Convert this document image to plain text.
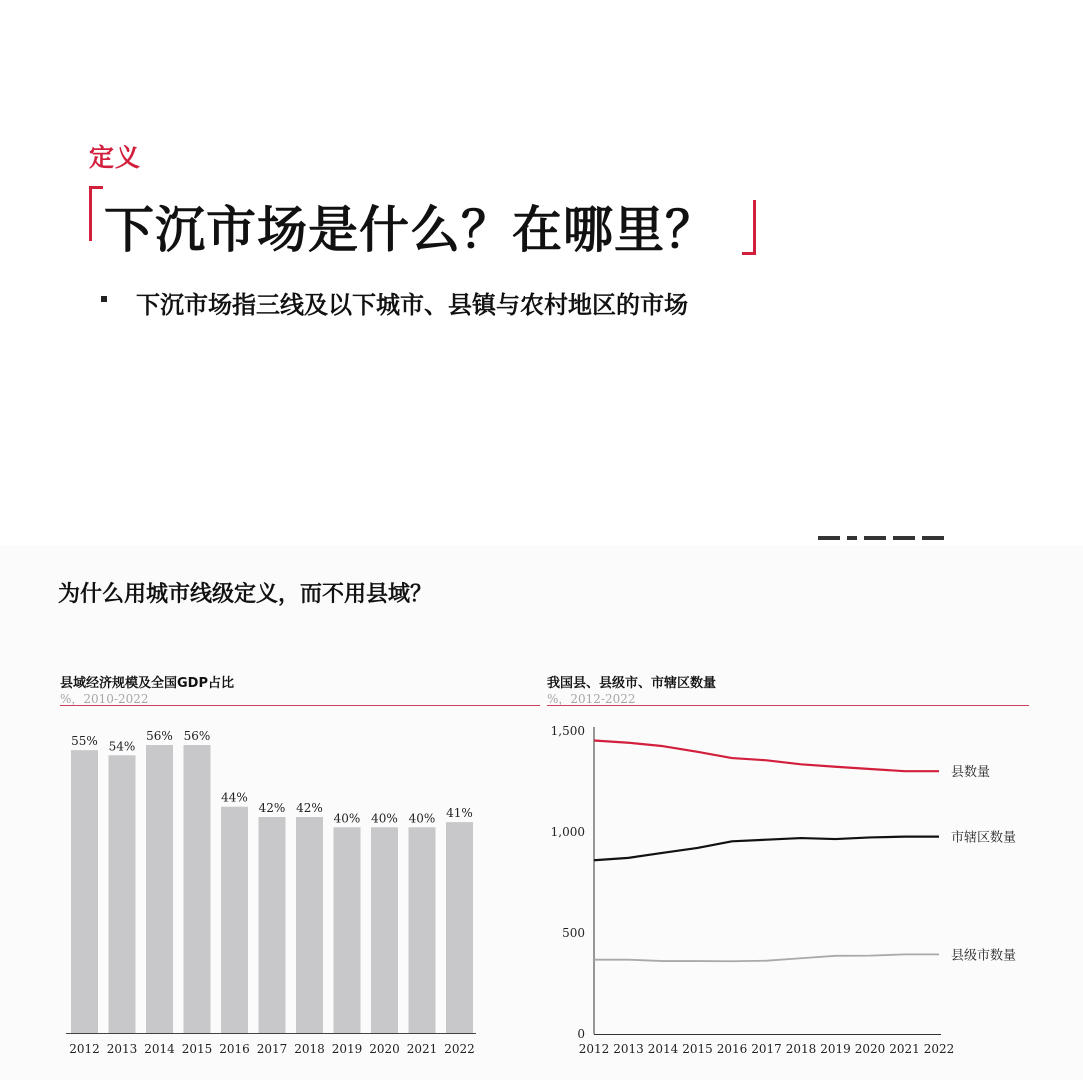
定义
下沉市场是什么？在哪里？
下沉市场指三线及以下城市、县镇与农村地区的市场
为什么用城市线级定义，而不用县域？
县域经济规模及全国GDP占比
%，2010-2022
我国县、县级市、市辖区数量
%，2012-2022
55%
2012
54%
2013
56%
2014
56%
2015
44%
2016
42%
2017
42%
2018
40%
2019
40%
2020
40%
2021
41%
2022
0
500
1,000
1,500
2012 2013 2014 2015 2016 2017 2018 2019 2020 2021 2022
县数量
市辖区数量
县级市数量
